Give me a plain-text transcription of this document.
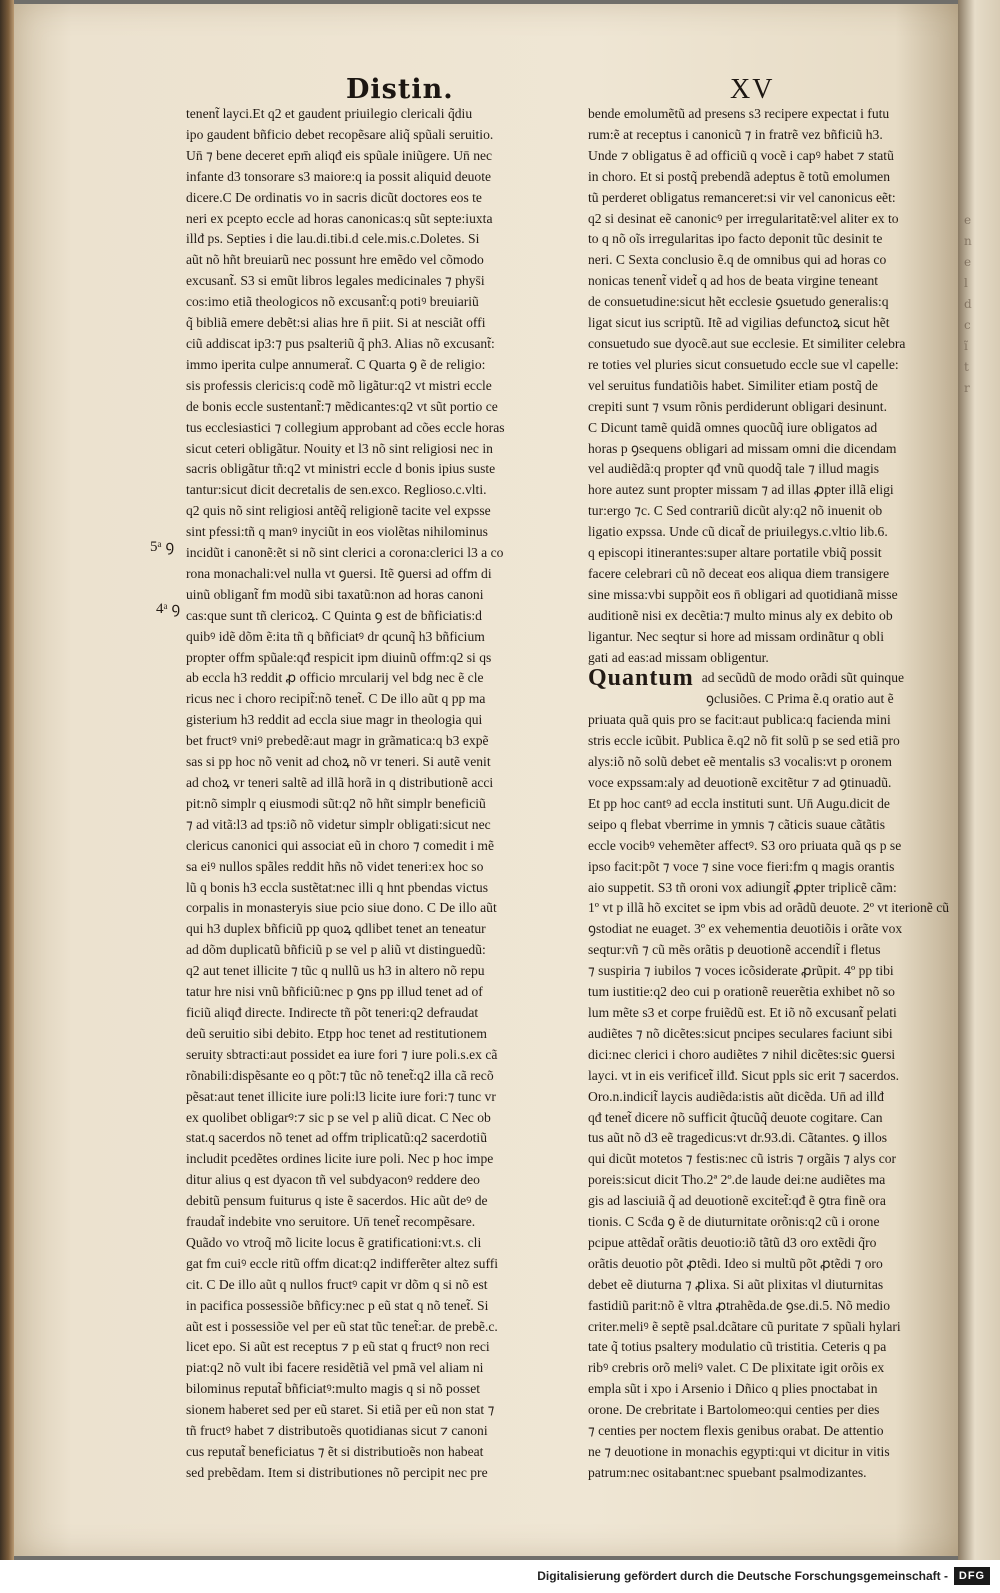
e
n
e
l
d
c
ĩ
t
r
Distin.	XV
5ᵃ ꝯ
4ᵃ ꝯ
tenent̃ layci.Et q2 et gaudent priuilegio clericali q̃diu
ipo gaudent bñficio debet recopẽsare aliq̃ spũali seruitio.
Un̄ ⁊ bene deceret epm̄ aliqđ eis spũale iniũgere. Un̄ nec
infante d3 tonsorare s3 maiore:q ia possit aliquid deuote
dicere.C De ordinatis vo in sacris dicũt doctores eos te
neri ex pcepto eccle ad horas canonicas:q sũt septe:iuxta
illđ ps. Septies i die lau.di.tibi.d cele.mis.c.Doletes. Si
aũt nõ hñt breuiarũ nec possunt hre emẽdo vel cõmodo
excusant̃. S3 si emũt libros legales medicinales ⁊ phys̄i
cos:imo etiã theologicos nõ excusant̃:q potiꝰ breuiariũ
q̃ bibliã emere debẽt:si alias hre n̄ piit. Si at nesciãt offi
ciũ addiscat ip3:⁊ pus psalteriũ q̃ ph3. Alias nõ excusant̃:
immo iperita culpe annumerat̃. C Quarta ꝯ ẽ de religio:
sis professis clericis:q codẽ mõ ligãtur:q2 vt mistri eccle
de bonis eccle sustentant̃:⁊ mẽdicantes:q2 vt sũt portio ce
tus ecclesiastici ⁊ collegium approbant ad cões eccle horas
sicut ceteri obligãtur. Nouity et l3 nõ sint religiosi nec in
sacris obligãtur tñ:q2 vt ministri eccle d bonis ipius suste
tantur:sicut dicit decretalis de sen.exco. Reglioso.c.vlti.
q2 quis nõ sint religiosi antẽq̃ religionẽ tacite vel expsse
sint pfessi:tñ q manꝰ inyciũt in eos violẽtas nihilominus
incidũt i canonẽ:ẽt si nõ sint clerici a corona:clerici l3 a co
rona monachali:vel nulla vt ꝯuersi. Itẽ ꝯuersi ad offm di
uinũ obligant̃ fm modũ sibi taxatũ:non ad horas canoni
cas:que sunt tñ clericoꝝ. C Quinta ꝯ est de bñficiatis:d
quibꝰ idẽ dõm ẽ:ita tñ q bñficiatꝰ dr qcunq̃ h3 bñficium
propter offm spũale:qđ respicit ipm diuinũ offm:q2 si qs
ab eccla h3 reddit ꝓ officio mrcularij vel bdg nec ẽ cle
ricus nec i choro recipit̃:nõ tenet̃. C De illo aũt q pp ma
gisterium h3 reddit ad eccla siue magr in theologia qui
bet fructꝰ vniꝰ prebedẽ:aut magr in grãmatica:q b3 expẽ
sas si pp hoc nõ venit ad choꝝ nõ vr teneri. Si autẽ venit
ad choꝝ vr teneri saltẽ ad illã horã in q distributionẽ acci
pit:nõ simplr q eiusmodi sũt:q2 nõ hñt simplr beneficiũ
⁊ ad vitã:l3 ad tps:iõ nõ videtur simplr obligati:sicut nec
clericus canonici qui associat eũ in choro ⁊ comedit i mẽ
sa eiꝰ nullos spãles reddit hñs nõ videt teneri:ex hoc so
lũ q bonis h3 eccla sustẽtat:nec illi q hnt pbendas victus
corpalis in monasteryis siue pcio siue dono. C De illo aũt
qui h3 duplex bñficiũ pp quoꝝ qdlibet tenet an teneatur
ad dõm duplicatũ bñficiũ p se vel p aliũ vt distinguedũ:
q2 aut tenet illicite ⁊ tũc q nullũ us h3 in altero nõ repu
tatur hre nisi vnũ bñficiũ:nec p ꝯns pp illud tenet ad of
ficiũ aliqđ directe. Indirecte tñ põt teneri:q2 defraudat
deũ seruitio sibi debito. Etpp hoc tenet ad restitutionem
seruity sbtracti:aut possidet ea iure fori ⁊ iure poli.s.ex cã
rõnabili:dispẽsante eo q põt:⁊ tũc nõ tenet̃:q2 illa cã recõ
pẽsat:aut tenet illicite iure poli:l3 licite iure fori:⁊ tunc vr
ex quolibet obligarꝰ:⁊ sic p se vel p aliũ dicat. C Nec ob
stat.q sacerdos nõ tenet ad offm triplicatũ:q2 sacerdotiũ
includit pcedẽtes ordines licite iure poli. Nec p hoc impe
ditur alius q est dyacon tñ vel subdyaconꝰ reddere deo
debitũ pensum fuiturus q iste ẽ sacerdos. Hic aũt deꝰ de
fraudat̃ indebite vno seruitore. Un̄ tenet̃ recompẽsare.
Quãdo vo vtroq̃ mõ licite locus ẽ gratificationi:vt.s. cli
gat fm cuiꝰ eccle ritũ offm dicat:q2 indifferẽter altez suffi
cit. C De illo aũt q nullos fructꝰ capit vr dõm q si nõ est
in pacifica possessiõe bñficy:nec p eũ stat q nõ tenet̃. Si
aũt est i possessiõe vel per eũ stat tũc tenet̃:ar. de prebẽ.c.
licet epo. Si aũt est receptus ⁊ p eũ stat q fructꝰ non reci
piat:q2 nõ vult ibi facere residẽtiã vel pmã vel aliam ni
bilominus reputat̃ bñficiatꝰ:multo magis q si nõ posset
sionem haberet sed per eũ staret. Si etiã per eũ non stat ⁊
tñ fructꝰ habet ⁊ distributoẽs quotidianas sicut ⁊ canoni
cus reputat̃ beneficiatus ⁊ ẽt si distributioẽs non habeat
sed prebẽdam. Item si distributiones nõ percipit nec pre
bende emolumẽtũ ad presens s3 recipere expectat i futu
rum:ẽ at receptus i canonicũ ⁊ in fratrẽ vez bñficiũ h3.
Unde ⁊ obligatus ẽ ad officiũ q vocẽ i capꝰ habet ⁊ statũ
in choro. Et si postq̃ prebendã adeptus ẽ totũ emolumen
tũ perderet obligatus remanceret:si vir vel canonicus eẽt:
q2 si desinat eẽ canonicꝰ per irregularitatẽ:vel aliter ex to
to q nõ oĩs irregularitas ipo facto deponit tũc desinit te
neri. C Sexta conclusio ẽ.q de omnibus qui ad horas co
nonicas tenent̃ videt̃ q ad hos de beata virgine teneant
de consuetudine:sicut hẽt ecclesie ꝯsuetudo generalis:q
ligat sicut ius scriptũ. Itẽ ad vigilias defunctoꝝ sicut hẽt
consuetudo sue dyocẽ.aut sue ecclesie. Et similiter celebra
re toties vel pluries sicut consuetudo eccle sue vl capelle:
vel seruitus fundatiõis habet. Similiter etiam postq̃ de
crepiti sunt ⁊ vsum rõnis perdiderunt obligari desinunt.
C Dicunt tamẽ quidã omnes quocũq̃ iure obligatos ad
horas p ꝯsequens obligari ad missam omni die dicendam
vel audiẽdã:q propter qđ vnũ quodq̃ tale ⁊ illud magis
hore autez sunt propter missam ⁊ ad illas ꝓpter illã eligi
tur:ergo ⁊c. C Sed contrariũ dicũt aly:q2 nõ inuenit ob
ligatio expssa. Unde cũ dicat̃ de priuilegys.c.vltio lib.6.
q episcopi itinerantes:super altare portatile vbiq̃ possit
facere celebrari cũ nõ deceat eos aliqua diem transigere
sine missa:vbi suppõit eos n̄ obligari ad quotidianã misse
auditionẽ nisi ex decẽtia:⁊ multo minus aly ex debito ob
ligantur. Nec seqtur si hore ad missam ordinãtur q obli
gati ad eas:ad missam obligentur.
Quantum ad secũdũ de modo orãdi sũt quinque
ꝯclusiões. C Prima ẽ.q oratio aut ẽ
priuata quã quis pro se facit:aut publica:q facienda mini
stris eccle icũbit. Publica ẽ.q2 nõ fit solũ p se sed etiã pro
alys:iõ nõ solũ debet eẽ mentalis s3 vocalis:vt p oronem
voce expssam:aly ad deuotionẽ excitẽtur ⁊ ad ꝯtinuadũ.
Et pp hoc cantꝰ ad eccla instituti sunt. Un̄ Augu.dicit de
seipo q flebat vberrime in ymnis ⁊ cãticis suaue cãtãtis
eccle vocibꝰ vehemẽter affectꝰ. S3 oro priuata quã qs p se
ipso facit:põt ⁊ voce ⁊ sine voce fieri:fm q magis orantis
aio suppetit. S3 tñ oroni vox adiungit̃ ꝓpter triplicẽ cãm:
1º vt p illã hõ excitet se ipm vbis ad orãdũ deuote. 2º vt iterionẽ cũ
ꝯstodiat ne euaget. 3º ex vehementia deuotiõis i orãte vox
seqtur:vñ ⁊ cũ mẽs orãtis p deuotionẽ accendit̃ i fletus
⁊ suspiria ⁊ iubilos ⁊ voces icõsiderate ꝓrũpit. 4º pp tibi
tum iustitie:q2 deo cui p orationẽ reuerẽtia exhibet nõ so
lum mẽte s3 et corpe fruiẽdũ est. Et iõ nõ excusant̃ pelati
audiẽtes ⁊ nõ dicẽtes:sicut pncipes seculares faciunt sibi
dici:nec clerici i choro audiẽtes ⁊ nihil dicẽtes:sic ꝯuersi
layci. vt in eis verificet̃ illđ. Sicut ppls sic erit ⁊ sacerdos.
Oro.n.indicit̃ laycis audiẽda:istis aũt dicẽda. Un̄ ad illđ
qđ tenet̃ dicere nõ sufficit q̃tucũq̃ deuote cogitare. Can
tus aũt nõ d3 eẽ tragedicus:vt dr.93.di. Cãtantes. ꝯ illos
qui dicũt motetos ⁊ festis:nec cũ istris ⁊ orgãis ⁊ alys cor
poreis:sicut dicit Tho.2ª 2º.de laude dei:ne audiẽtes ma
gis ad lasciuiã q̃ ad deuotionẽ excitet̃:qđ ẽ ꝯtra finẽ ora
tionis. C Scḋa ꝯ ẽ de diuturnitate orõnis:q2 cũ i orone
pcipue attẽdat̃ orãtis deuotio:iõ tãtũ d3 oro extẽdi q̃ro
orãtis deuotio põt ꝓtẽdi. Ideo si multũ põt ꝓtẽdi ⁊ oro
debet eẽ diuturna ⁊ ꝓlixa. Si aũt plixitas vl diuturnitas
fastidiũ parit:nõ ẽ vltra ꝓtrahẽda.de ꝯse.di.5. Nõ medio
criter.meliꝰ ẽ septẽ psal.dcãtare cũ puritate ⁊ spũali hylari
tate q̃ totius psaltery modulatio cũ tristitia. Ceteris q pa
ribꝰ crebris orõ meliꝰ valet. C De plixitate igit orõis ex
empla sũt i xpo i Arsenio i Dñico q plies pnoctabat in
orone. De crebritate i Bartolomeo:qui centies per dies
⁊ centies per noctem flexis genibus orabat. De attentio
ne ⁊ deuotione in monachis egypti:qui vt dicitur in vitis
patrum:nec ositabant:nec spuebant psalmodizantes.
Digitalisierung gefördert durch die Deutsche Forschungsgemeinschaft - DFG
